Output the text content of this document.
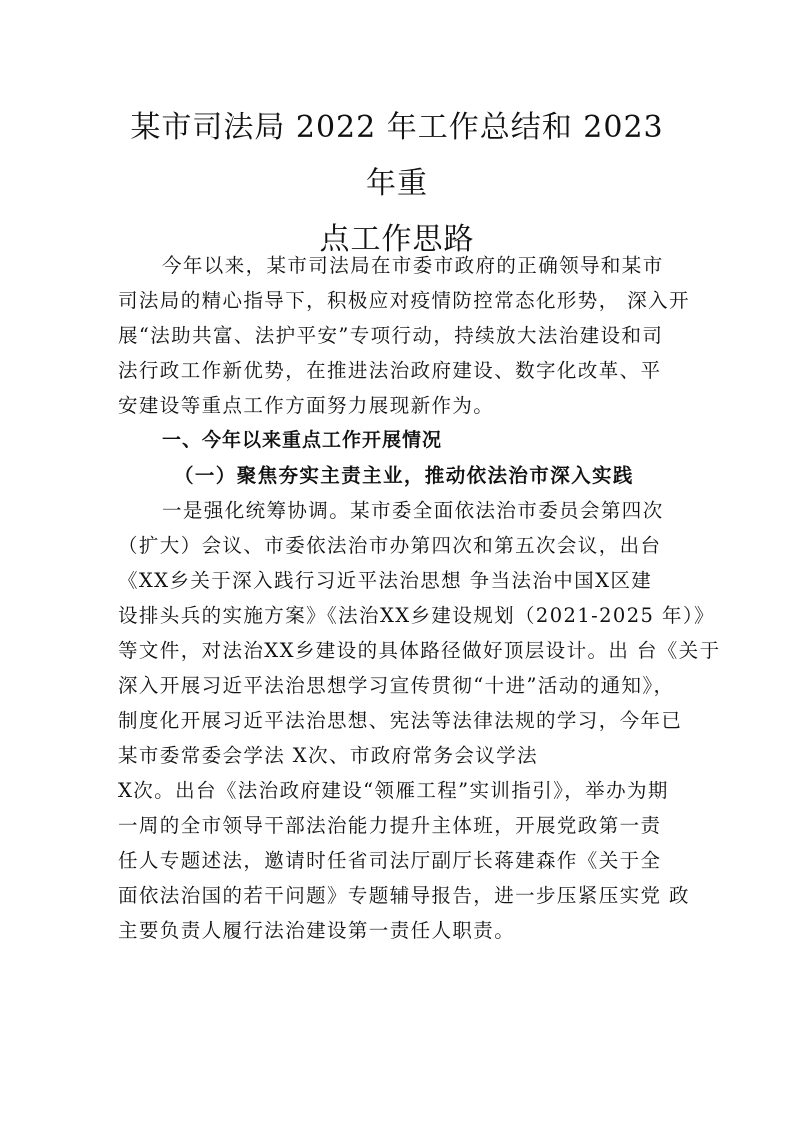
某市司法局 2022 年工作总结和 2023 年重
点工作思路

今年以来，某市司法局在市委市政府的正确领导和某市
司法局的精心指导下，积极应对疫情防控常态化形势， 深入开
展“法助共富、法护平安”专项行动，持续放大法治建设和司
法行政工作新优势，在推进法治政府建设、数字化改革、平
安建设等重点工作方面努力展现新作为。

一、今年以来重点工作开展情况

（一）聚焦夯实主责主业，推动依法治市深入实践

一是强化统筹协调。某市委全面依法治市委员会第四次
（扩大）会议、市委依法治市办第四次和第五次会议，出台
《XX乡关于深入践行习近平法治思想 争当法治中国X区建
设排头兵的实施方案》《法治XX乡建设规划（2021-2025 年）》
等文件，对法治XX乡建设的具体路径做好顶层设计。出 台《关于
深入开展习近平法治思想学习宣传贯彻“十进”活动的通知》，
制度化开展习近平法治思想、宪法等法律法规的学习，今年已
某市委常委会学法 X次、市政府常务会议学法

X次。出台《法治政府建设“领雁工程”实训指引》，举办为期
一周的全市领导干部法治能力提升主体班，开展党政第一责
任人专题述法，邀请时任省司法厅副厅长蒋建森作《关于全
面依法治国的若干问题》专题辅导报告，进一步压紧压实党 政
主要负责人履行法治建设第一责任人职责。
